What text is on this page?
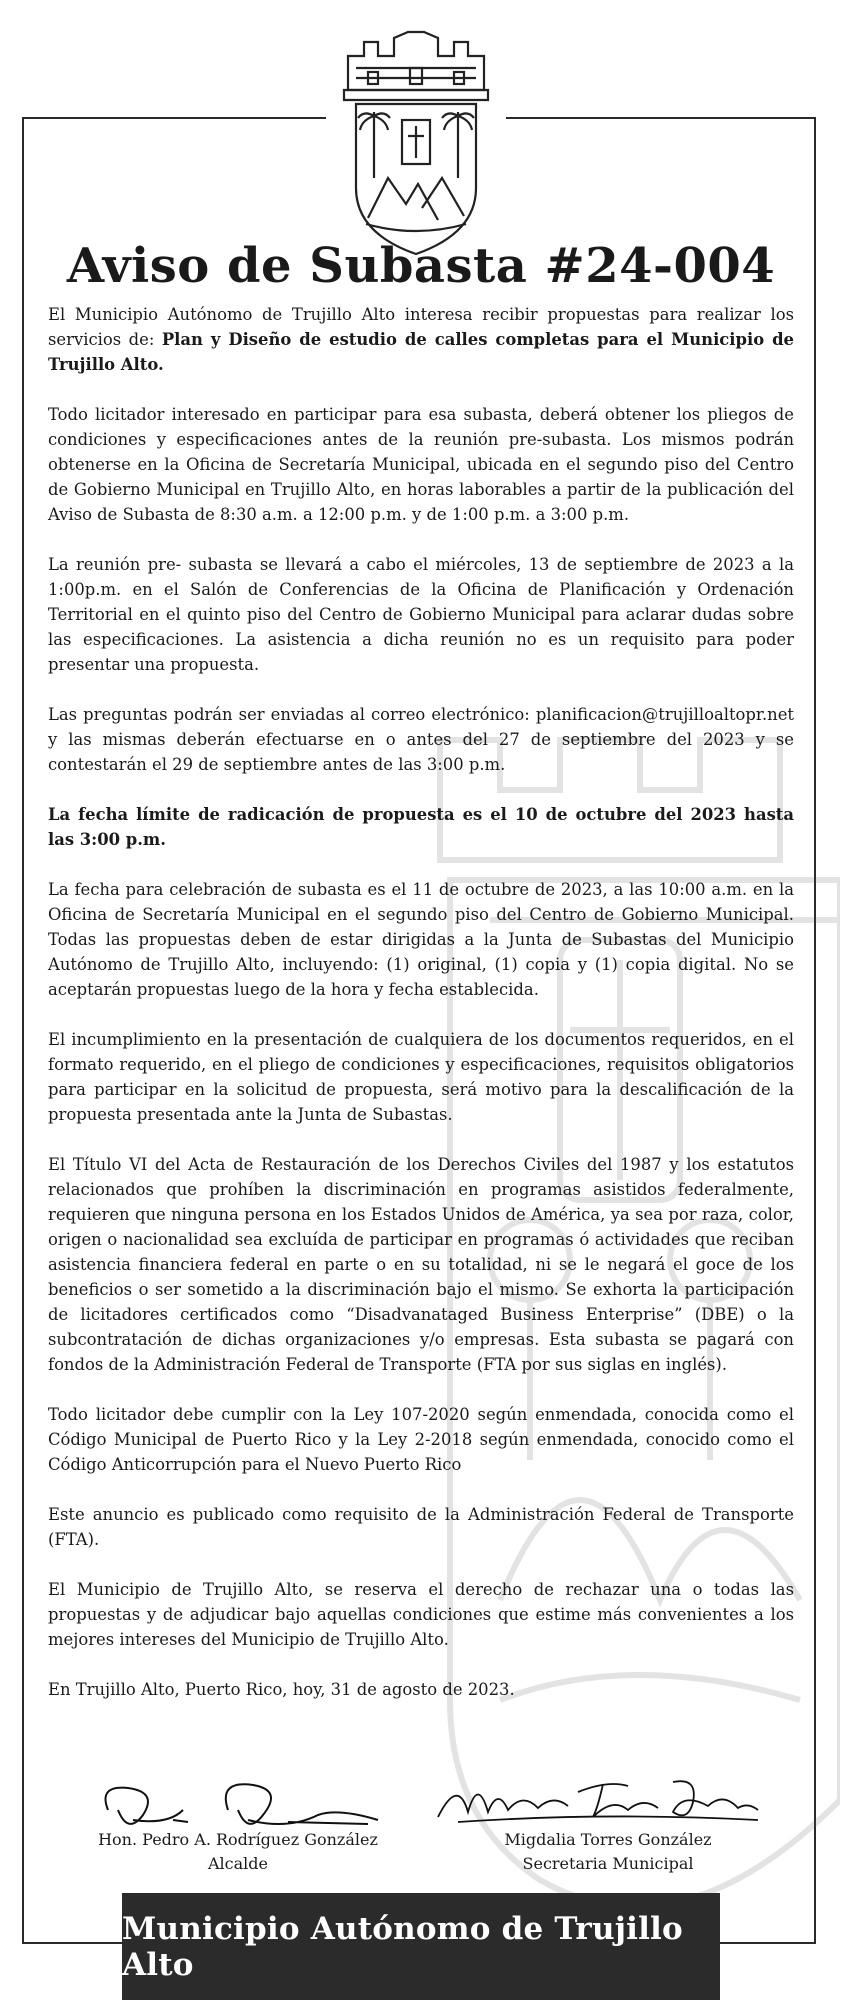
Aviso de Subasta #24-004

El Municipio Autónomo de Trujillo Alto interesa recibir propuestas para realizar los servicios de: Plan y Diseño de estudio de calles completas para el Municipio de Trujillo Alto.

Todo licitador interesado en participar para esa subasta, deberá obtener los pliegos de condiciones y especificaciones antes de la reunión pre-subasta. Los mismos podrán obtenerse en la Oficina de Secretaría Municipal, ubicada en el segundo piso del Centro de Gobierno Municipal en Trujillo Alto, en horas laborables a partir de la publicación del Aviso de Subasta de 8:30 a.m. a 12:00 p.m. y de 1:00 p.m. a 3:00 p.m.

La reunión pre- subasta se llevará a cabo el miércoles, 13 de septiembre de 2023 a la 1:00p.m. en el Salón de Conferencias de la Oficina de Planificación y Ordenación Territorial en el quinto piso del Centro de Gobierno Municipal para aclarar dudas sobre las especificaciones. La asistencia a dicha reunión no es un requisito para poder presentar una propuesta.

Las preguntas podrán ser enviadas al correo electrónico: planificacion@trujilloaltopr.net y las mismas deberán efectuarse en o antes del 27 de septiembre del 2023 y se contestarán el 29 de septiembre antes de las 3:00 p.m.

La fecha límite de radicación de propuesta es el 10 de octubre del 2023 hasta las 3:00 p.m.

La fecha para celebración de subasta es el 11 de octubre de 2023, a las 10:00 a.m. en la Oficina de Secretaría Municipal en el segundo piso del Centro de Gobierno Municipal. Todas las propuestas deben de estar dirigidas a la Junta de Subastas del Municipio Autónomo de Trujillo Alto, incluyendo: (1) original, (1) copia y (1) copia digital. No se aceptarán propuestas luego de la hora y fecha establecida.

El incumplimiento en la presentación de cualquiera de los documentos requeridos, en el formato requerido, en el pliego de condiciones y especificaciones, requisitos obligatorios para participar en la solicitud de propuesta, será motivo para la descalificación de la propuesta presentada ante la Junta de Subastas.

El Título VI del Acta de Restauración de los Derechos Civiles del 1987 y los estatutos relacionados que prohíben la discriminación en programas asistidos federalmente, requieren que ninguna persona en los Estados Unidos de América, ya sea por raza, color, origen o nacionalidad sea excluída de participar en programas ó actividades que reciban asistencia financiera federal en parte o en su totalidad, ni se le negará el goce de los beneficios o ser sometido a la discriminación bajo el mismo. Se exhorta la participación de licitadores certificados como “Disadvanataged Business Enterprise” (DBE) o la subcontratación de dichas organizaciones y/o empresas. Esta subasta se pagará con fondos de la Administración Federal de Transporte (FTA por sus siglas en inglés).

Todo licitador debe cumplir con la Ley 107-2020 según enmendada, conocida como el Código Municipal de Puerto Rico y la Ley 2-2018 según enmendada, conocido como el Código Anticorrupción para el Nuevo Puerto Rico

Este anuncio es publicado como requisito de la Administración Federal de Transporte (FTA).

El Municipio de Trujillo Alto, se reserva el derecho de rechazar una o todas las propuestas y de adjudicar bajo aquellas condiciones que estime más convenientes a los mejores intereses del Municipio de Trujillo Alto.

En Trujillo Alto, Puerto Rico, hoy, 31 de agosto de 2023.

Hon. Pedro A. Rodríguez González
Alcalde
Migdalia Torres González
Secretaria Municipal
Municipio Autónomo de Trujillo Alto
